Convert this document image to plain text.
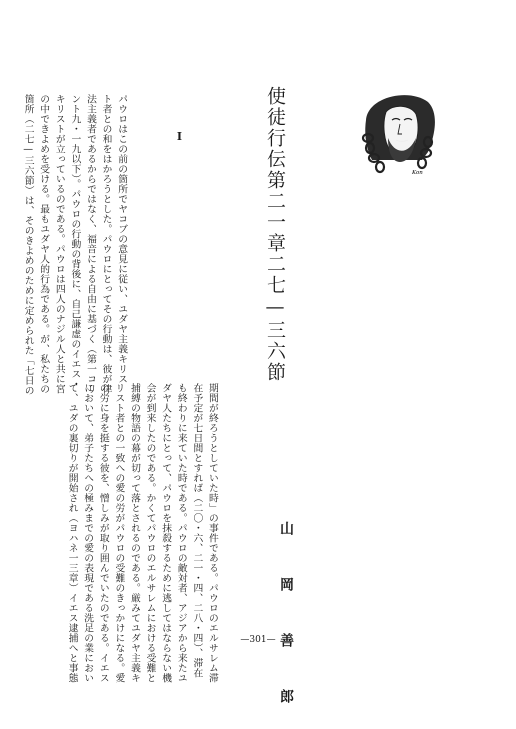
パウロはこの前の箇所でヤコブの意見に従い、ユダヤ主義キリス
ト者との和をはかろうとした。パウロにとってその行動は、彼が律
法主義者であるからではなく、福音による自由に基づく（第一コリ
ント九・一九以下）。パウロの行動の背後に、自己謙虚のイエス・
キリストが立っているのである。パウロは四人のナジル人と共に宮
の中できよめを受ける。最もユダヤ人的行為である。が、私たちの
箇所（二七—三六節）は、そのきよめのために定められた「七日の	I	使徒行伝第二一章二七—三六節	Kon
期間が終ろうとしていた時」の事件である。パウロのエルサレム滞
在予定が七日間とすれば（二〇・六、二一・四、二八・四）、滞在
も終わりに来ていた時である。パウロの敵対者、アジアから来たユ
ダヤ人たちにとって、パウロを抹殺するために逃してはならない機
会が到来したのである。かくてパウロのエルサレムにおける受難と
捕縛の物語の幕が切って落とされるのである。厳みてユダヤ主義キ
リスト者との一致への愛の労がパウロの受難のきっかけになる。愛
の労に身を挺する彼を、憎しみが取り囲んでいたのである。イエス
において、弟子たちへの極みまでの愛の表現である洗足の業におい
て、ユダの裏切りが開始され（ヨハネ一三章）イエス逮捕へと事態	山　岡　善　郎
—301—
